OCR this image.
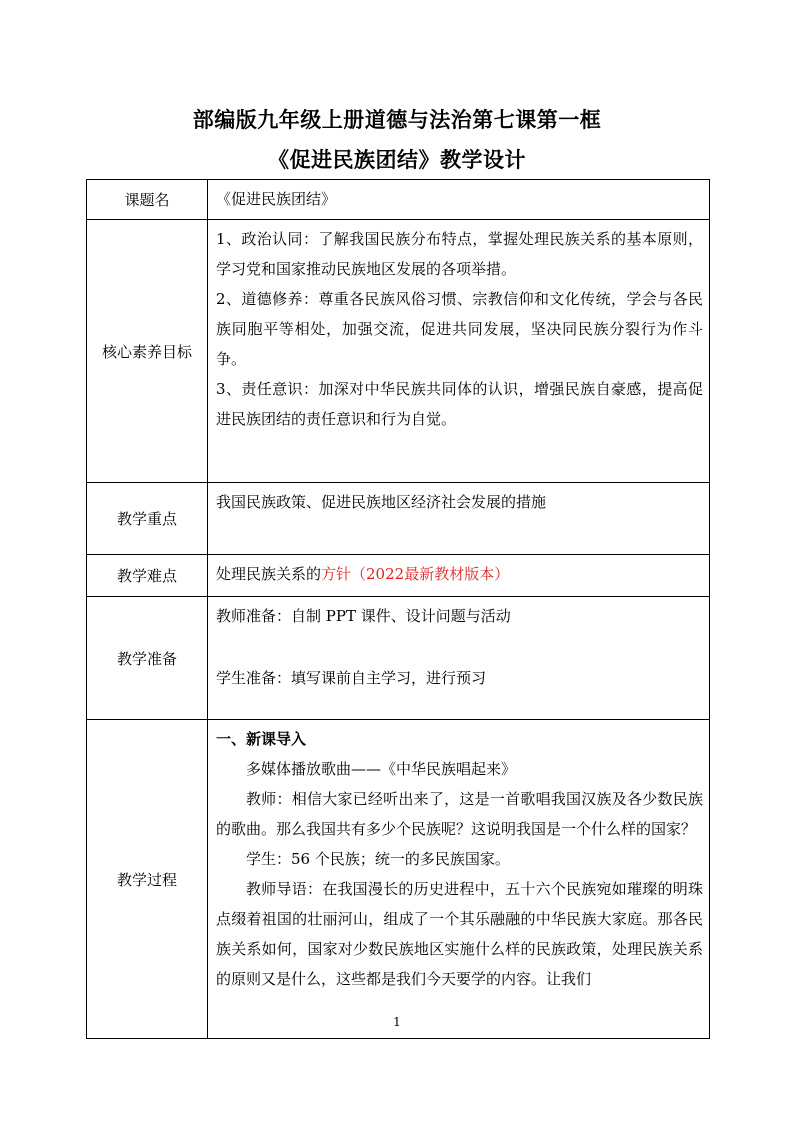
部编版九年级上册道德与法治第七课第一框
《促进民族团结》教学设计
课题名	《促进民族团结》

核心素养目标	1、政治认同：了解我国民族分布特点，掌握处理民族关系的基本原则，学习党和国家推动民族地区发展的各项举措。

2、道德修养：尊重各民族风俗习惯、宗教信仰和文化传统，学会与各民族同胞平等相处，加强交流，促进共同发展，坚决同民族分裂行为作斗争。

3、责任意识：加深对中华民族共同体的认识，增强民族自豪感，提高促进民族团结的责任意识和行为自觉。

教学重点	我国民族政策、促进民族地区经济社会发展的措施

教学难点	处理民族关系的方针（2022最新教材版本）

教学准备	教师准备：自制 PPT 课件、设计问题与活动

学生准备：填写课前自主学习，进行预习

教学过程	一、新课导入

多媒体播放歌曲——《中华民族唱起来》

教师：相信大家已经听出来了，这是一首歌唱我国汉族及各少数民族的歌曲。那么我国共有多少个民族呢？这说明我国是一个什么样的国家？

学生：56 个民族；统一的多民族国家。

教师导语：在我国漫长的历史进程中，五十六个民族宛如璀璨的明珠点缀着祖国的壮丽河山，组成了一个其乐融融的中华民族大家庭。那各民族关系如何，国家对少数民族地区实施什么样的民族政策，处理民族关系的原则又是什么，这些都是我们今天要学的内容。让我们

1
